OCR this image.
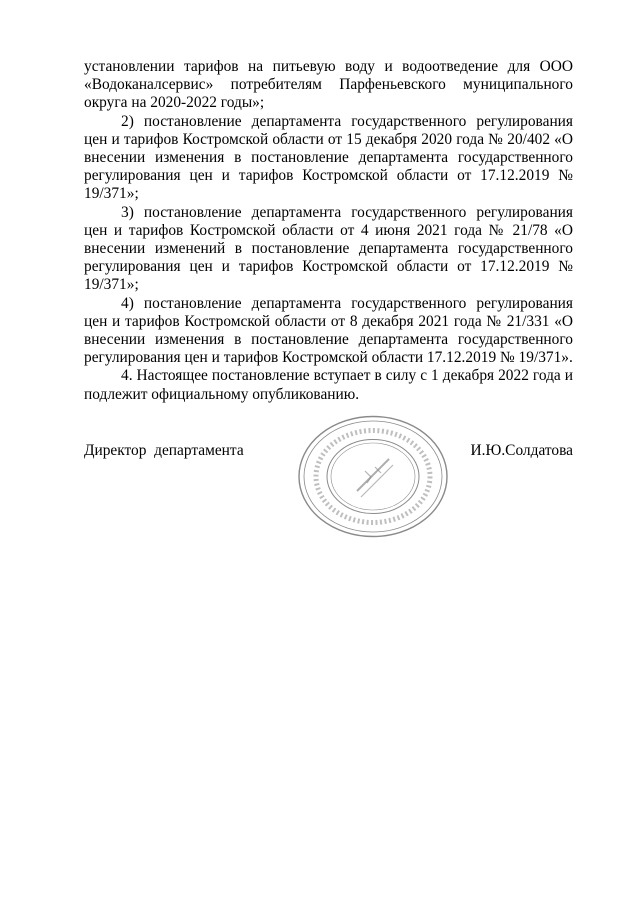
установлении тарифов на питьевую воду и водоотведение для ООО «Водоканалсервис» потребителям Парфеньевского муниципального округа на 2020-2022 годы»;

2) постановление департамента государственного регулирования цен и тарифов Костромской области от 15 декабря 2020 года № 20/402 «О внесении изменения в постановление департамента государственного регулирования цен и тарифов Костромской области от 17.12.2019 № 19/371»;

3) постановление департамента государственного регулирования цен и тарифов Костромской области от 4 июня 2021 года № 21/78 «О внесении изменений в постановление департамента государственного регулирования цен и тарифов Костромской области от 17.12.2019 № 19/371»;

4) постановление департамента государственного регулирования цен и тарифов Костромской области от 8 декабря 2021 года № 21/331 «О внесении изменения в постановление департамента государственного регулирования цен и тарифов Костромской области 17.12.2019 № 19/371».

4. Настоящее постановление вступает в силу с 1 декабря 2022 года и подлежит официальному опубликованию.

Директор  департамента	И.Ю.Солдатова
